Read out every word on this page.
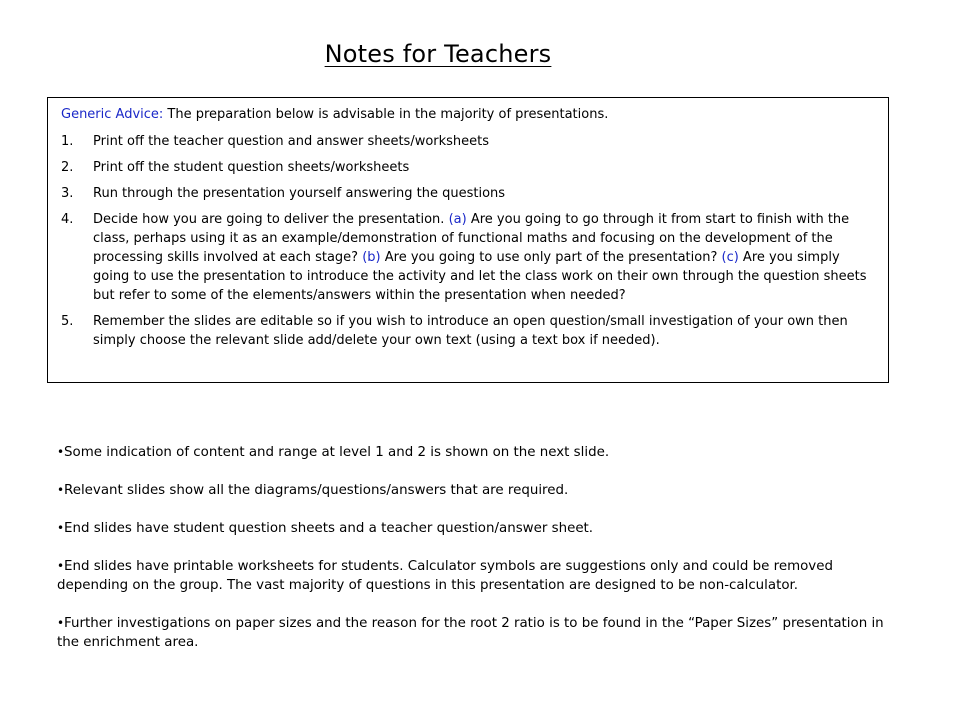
Notes for Teachers

Generic Advice: The preparation below is advisable in the majority of presentations.

1. Print off the teacher question and answer sheets/worksheets
2. Print off the student question sheets/worksheets
3. Run through the presentation yourself answering the questions
4. Decide how you are going to deliver the presentation. (a) Are you going to go through it from start to finish with the class, perhaps using it as an example/demonstration of functional maths and focusing on the development of the processing skills involved at each stage? (b) Are you going to use only part of the presentation? (c) Are you simply going to use the presentation to introduce the activity and let the class work on their own through the question sheets but refer to some of the elements/answers within the presentation when needed?
5. Remember the slides are editable so if you wish to introduce an open question/small investigation of your own then simply choose the relevant slide add/delete your own text (using a text box if needed).

•Some indication of content and range at level 1 and 2 is shown on the next slide.

•Relevant slides show all the diagrams/questions/answers that are required.

•End slides have student question sheets and a teacher question/answer sheet.

•End slides have printable worksheets for students. Calculator symbols are suggestions only and could be removed depending on the group. The vast majority of questions in this presentation are designed to be non-calculator.

•Further investigations on paper sizes and the reason for the root 2 ratio is to be found in the “Paper Sizes” presentation in the enrichment area.
